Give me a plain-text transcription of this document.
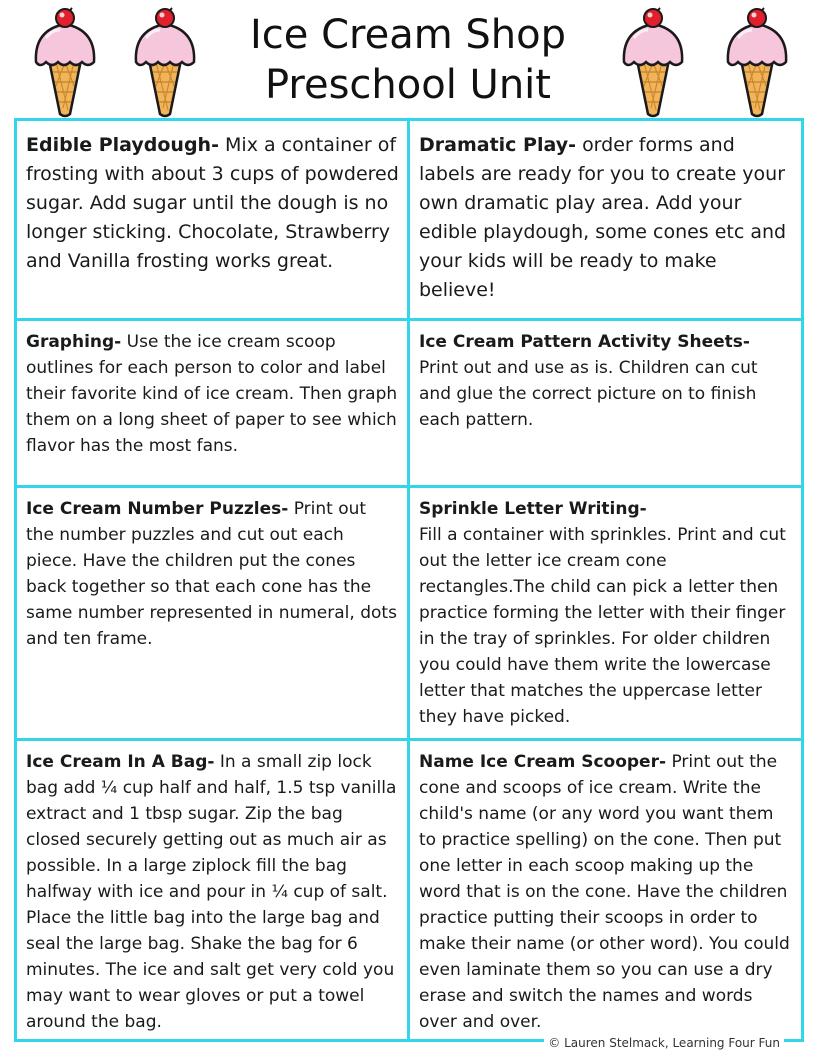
Ice Cream Shop
Preschool Unit
Edible Playdough- Mix a container of frosting with about 3 cups of powdered sugar. Add sugar until the dough is no longer sticking. Chocolate, Strawberry and Vanilla frosting works great.
Dramatic Play- order forms and labels are ready for you to create your own dramatic play area. Add your edible playdough, some cones etc and your kids will be ready to make believe!
Graphing- Use the ice cream scoop outlines for each person to color and label their favorite kind of ice cream. Then graph them on a long sheet of paper to see which flavor has the most fans.
Ice Cream Pattern Activity Sheets-
Print out and use as is. Children can cut and glue the correct picture on to finish each pattern.
Ice Cream Number Puzzles- Print out the number puzzles and cut out each piece. Have the children put the cones back together so that each cone has the same number represented in numeral, dots and ten frame.
Sprinkle Letter Writing-
Fill a container with sprinkles. Print and cut out the letter ice cream cone rectangles.The child can pick a letter then practice forming the letter with their finger in the tray of sprinkles. For older children you could have them write the lowercase letter that matches the uppercase letter they have picked.
Ice Cream In A Bag- In a small zip lock bag add ¼ cup half and half, 1.5 tsp vanilla extract and 1 tbsp sugar. Zip the bag closed securely getting out as much air as possible. In a large ziplock fill the bag halfway with ice and pour in ¼ cup of salt. Place the little bag into the large bag and seal the large bag. Shake the bag for 6 minutes. The ice and salt get very cold you may want to wear gloves or put a towel around the bag.
Name Ice Cream Scooper- Print out the cone and scoops of ice cream. Write the child's name (or any word you want them to practice spelling) on the cone. Then put one letter in each scoop making up the word that is on the cone. Have the children practice putting their scoops in order to make their name (or other word). You could even laminate them so you can use a dry erase and switch the names and words over and over.
© Lauren Stelmack, Learning Four Fun
